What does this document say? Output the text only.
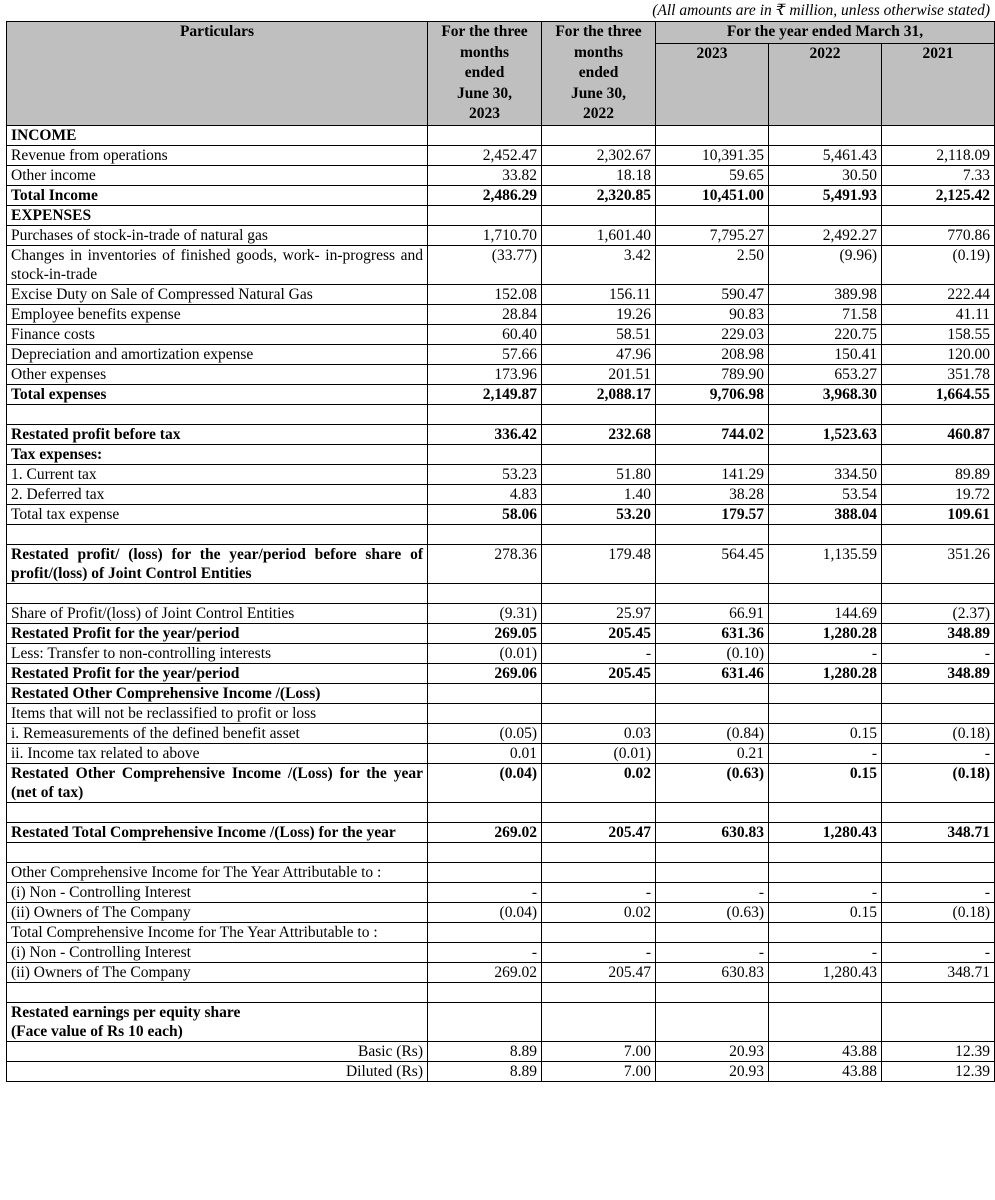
(All amounts are in ₹ million, unless otherwise stated)
Particulars	For the three
months
ended
June 30,
2023	For the three
months
ended
June 30,
2022	For the year ended March 31,		
			2023	2022	2021
INCOME					
Revenue from operations	2,452.47	2,302.67	10,391.35	5,461.43	2,118.09
Other income	33.82	18.18	59.65	30.50	7.33
Total Income	2,486.29	2,320.85	10,451.00	5,491.93	2,125.42
EXPENSES					
Purchases of stock-in-trade of natural gas	1,710.70	1,601.40	7,795.27	2,492.27	770.86
Changes in inventories of finished goods, work- in-progress and stock-in-trade	(33.77)	3.42	2.50	(9.96)	(0.19)
Excise Duty on Sale of Compressed Natural Gas	152.08	156.11	590.47	389.98	222.44
Employee benefits expense	28.84	19.26	90.83	71.58	41.11
Finance costs	60.40	58.51	229.03	220.75	158.55
Depreciation and amortization expense	57.66	47.96	208.98	150.41	120.00
Other expenses	173.96	201.51	789.90	653.27	351.78
Total expenses	2,149.87	2,088.17	9,706.98	3,968.30	1,664.55

Restated profit before tax	336.42	232.68	744.02	1,523.63	460.87
Tax expenses:					
1. Current tax	53.23	51.80	141.29	334.50	89.89
2. Deferred tax	4.83	1.40	38.28	53.54	19.72
Total tax expense	58.06	53.20	179.57	388.04	109.61

Restated profit/ (loss) for the year/period before share of profit/(loss) of Joint Control Entities	278.36	179.48	564.45	1,135.59	351.26

Share of Profit/(loss) of Joint Control Entities	(9.31)	25.97	66.91	144.69	(2.37)
Restated Profit for the year/period	269.05	205.45	631.36	1,280.28	348.89
Less: Transfer to non-controlling interests	(0.01)	-	(0.10)	-	-
Restated Profit for the year/period	269.06	205.45	631.46	1,280.28	348.89
Restated Other Comprehensive Income /(Loss)					
Items that will not be reclassified to profit or loss					
i. Remeasurements of the defined benefit asset	(0.05)	0.03	(0.84)	0.15	(0.18)
ii. Income tax related to above	0.01	(0.01)	0.21	-	-
Restated Other Comprehensive Income /(Loss) for the year (net of tax)	(0.04)	0.02	(0.63)	0.15	(0.18)

Restated Total Comprehensive Income /(Loss) for the year	269.02	205.47	630.83	1,280.43	348.71

Other Comprehensive Income for The Year Attributable to :					
(i) Non - Controlling Interest	-	-	-	-	-
(ii) Owners of The Company	(0.04)	0.02	(0.63)	0.15	(0.18)
Total Comprehensive Income for The Year Attributable to :					
(i) Non - Controlling Interest	-	-	-	-	-
(ii) Owners of The Company	269.02	205.47	630.83	1,280.43	348.71

Restated earnings per equity share
(Face value of Rs 10 each)					
Basic (Rs)	8.89	7.00	20.93	43.88	12.39
Diluted (Rs)	8.89	7.00	20.93	43.88	12.39
